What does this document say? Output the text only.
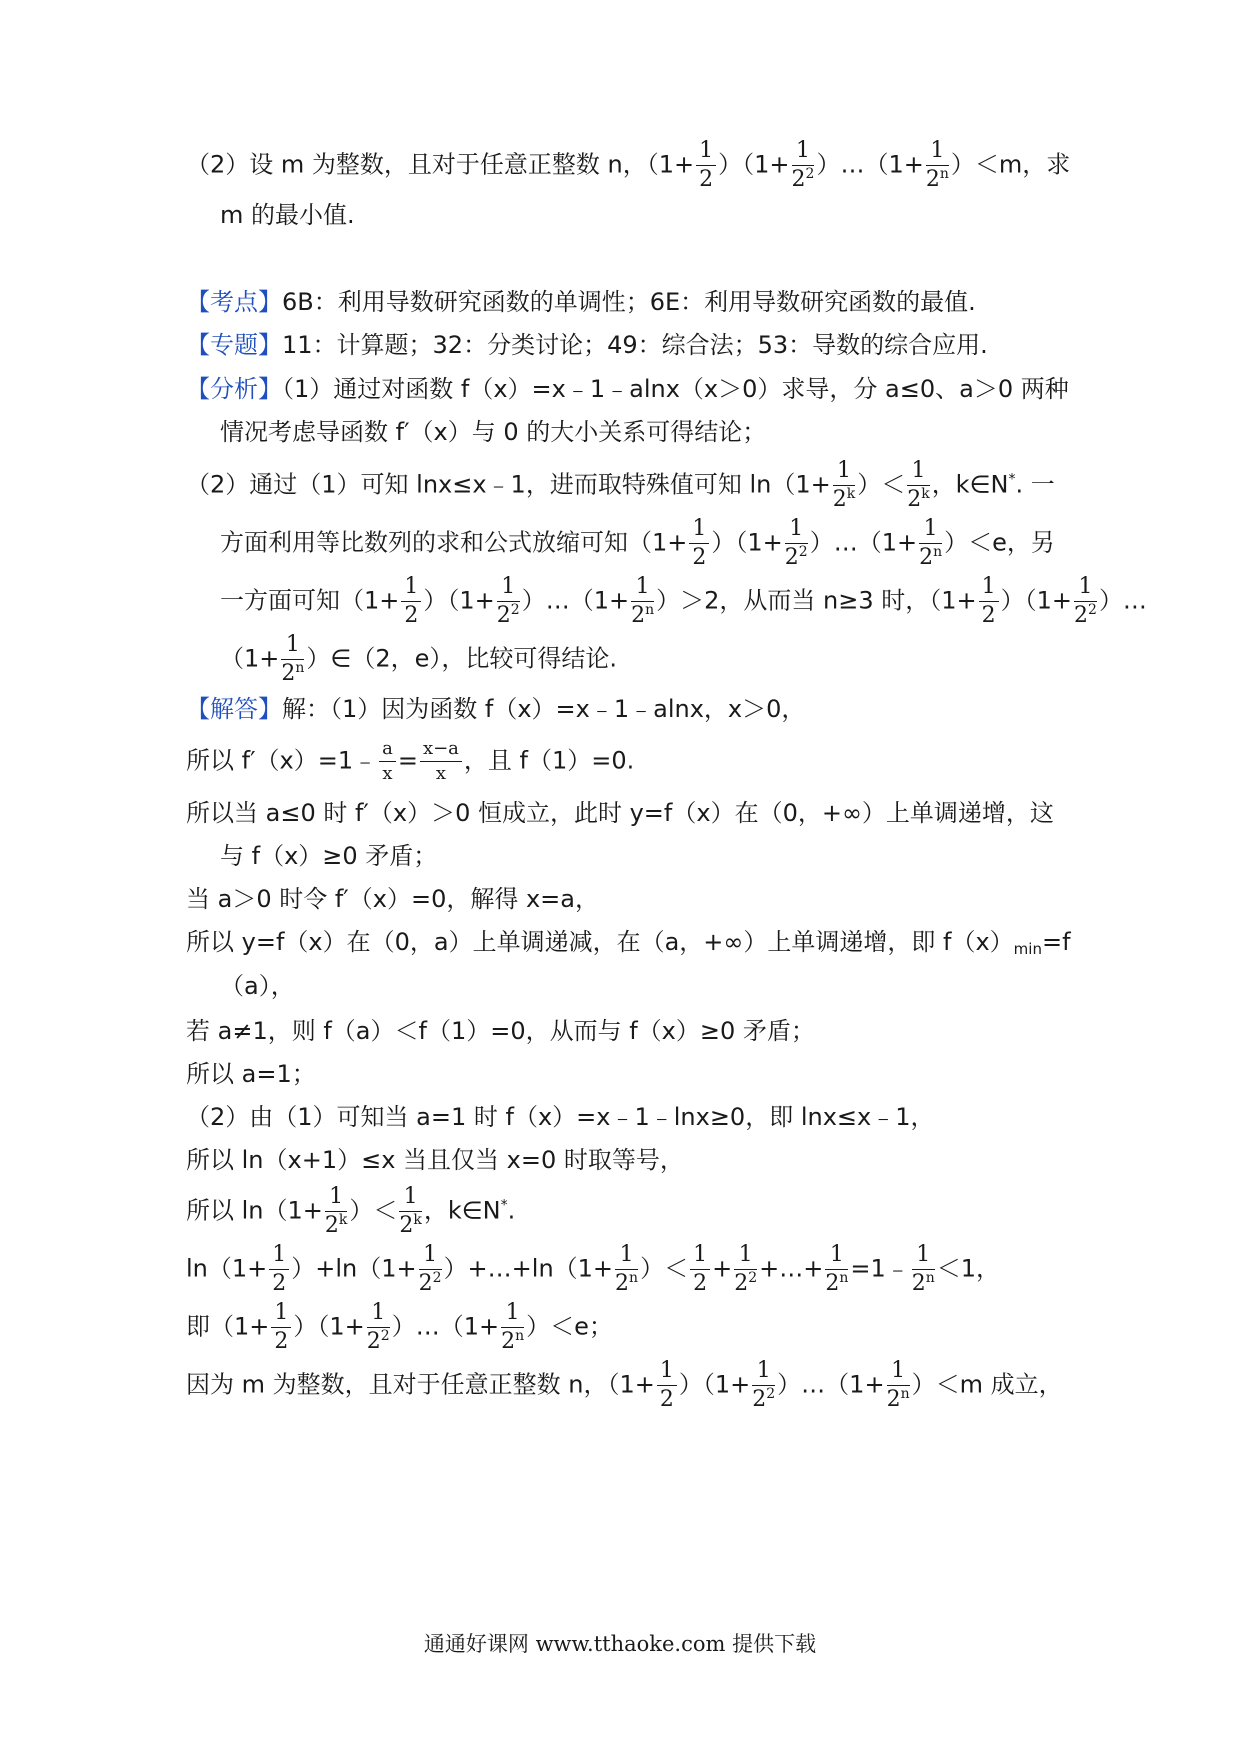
（2）设 m 为整数，且对于任意正整数 n，$(1+ \frac{1}{2} )(1+ \frac{1}{2^2}$ ）…（1+ $\frac{1}{2^n} )<m$，求
m 的最小值.
【考点】6B：利用导数研究函数的单调性；6E：利用导数研究函数的最值.
【专题】11：计算题；32：分类讨论；49：综合法；53：导数的综合应用.
【分析】（1）通过对函数 f（x）=x﹣1﹣alnx（x＞0）求导，分 a≤0、a＞0 两种
情况考虑导函数 f′（x）与 0 的大小关系可得结论；
（2）通过（1）可知 lnx≤x﹣1，进而取特殊值可知 $\ln(1+ \frac{1}{2^k}$ ）＜ $\frac{1}{2^k}$ ，k∈N*. 一
方面利用等比数列的求和公式放缩可知$(1+ \frac{1}{2} )(1+ \frac{1}{2^2}$ ）…（1+ $\frac{1}{2^n} )<e$，另
一方面可知$(1+ \frac{1}{2} )(1+ \frac{1}{2^2}$ ）…（1+ $\frac{1}{2^n} )>2$，从而当 n≥3 时，$(1+ \frac{1}{2} )(1+ \frac{1}{2^2}$ ）…
（$1+ \frac{1}{2^n}$ ）∈（2，e），比较可得结论.
【解答】解：（1）因为函数 f（x）=x﹣1﹣alnx，x＞0，
所以 f′（x）=1﹣ $\frac{a}{x} = \frac{x-a}{x}$ ，且 f（1）=0.
所以当 a≤0 时 f′（x）＞0 恒成立，此时 y=f（x）在（0，+∞）上单调递增，这
与 f（x）≥0 矛盾；
当 a＞0 时令 f′（x）=0，解得 x=a，
所以 y=f（x）在（0，a）上单调递减，在（a，+∞）上单调递增，即 $f(x)_{min}=f$
（a），
若 a≠1，则 f（a）＜f（1）=0，从而与 f（x）≥0 矛盾；
所以 a=1；
（2）由（1）可知当 a=1 时 f（x）=x﹣1﹣lnx≥0，即 lnx≤x﹣1，
所以 ln（x+1）≤x 当且仅当 x=0 时取等号，
所以 $\ln(1+ \frac{1}{2^k}$ ）＜ $\frac{1}{2^k}$ ，k∈N*.
$\ln(1+ \frac{1}{2} )+\ln(1+ \frac{1}{2^2}$ ）+…+ln（1+ $\frac{1}{2^n}$ ）＜ $\frac{1}{2} + \frac{1}{2^2}$ +…+ $\frac{1}{2^n}$ =1﹣ $\frac{1}{2^n} <1$，
即$(1+ \frac{1}{2} )(1+ \frac{1}{2^2}$ ）…（1+ $\frac{1}{2^n} )<e$；
因为 m 为整数，且对于任意正整数 n，$(1+ \frac{1}{2} )(1+ \frac{1}{2^2}$ ）…（1+ $\frac{1}{2^n} )<m$ 成立，
通通好课网 www.tthaoke.com 提供下载
